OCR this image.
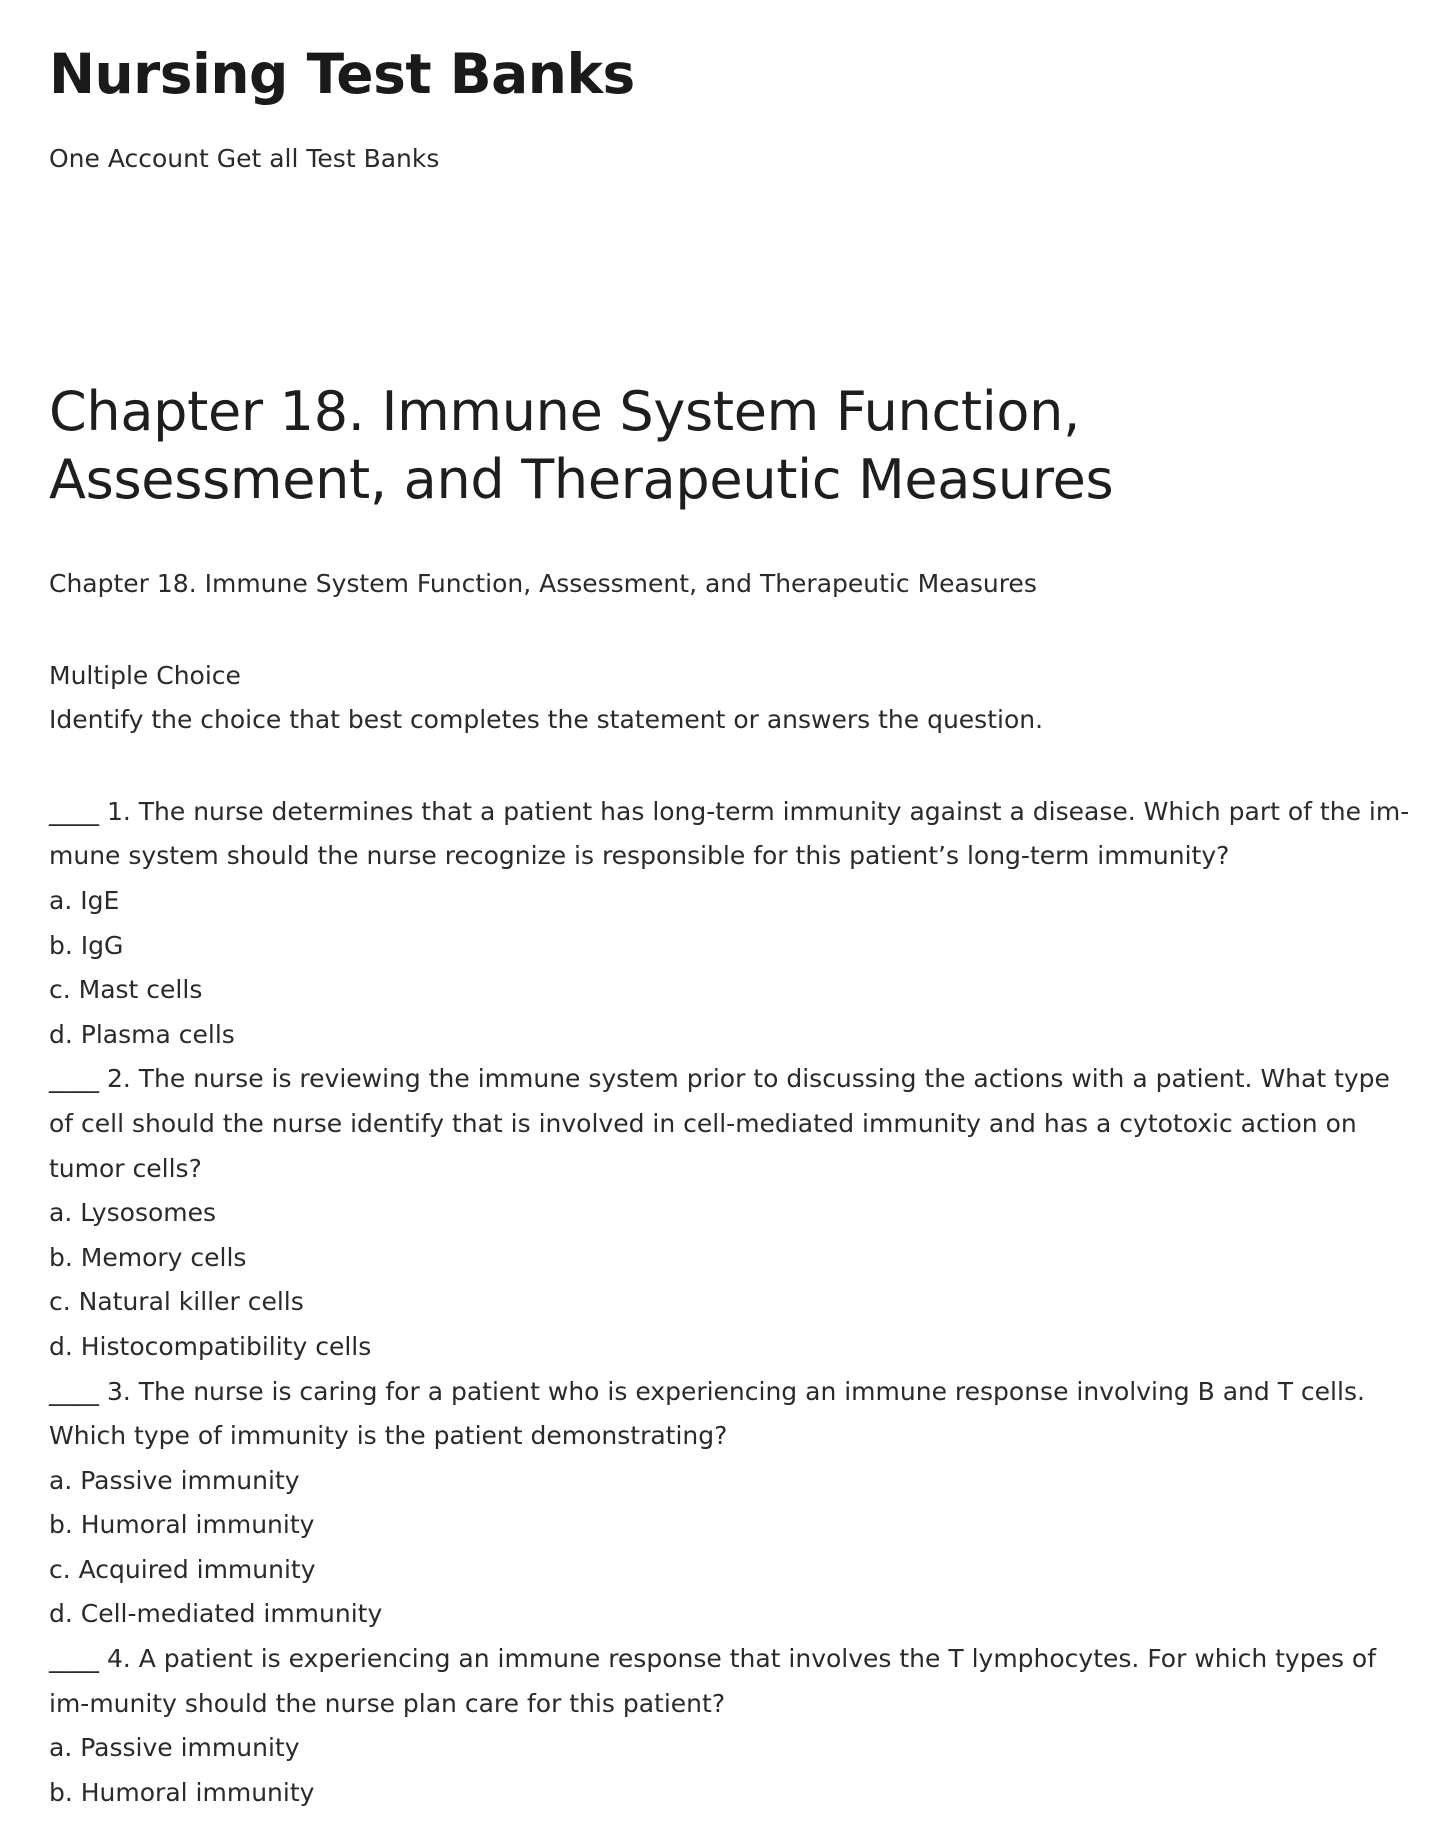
Nursing Test Banks

One Account Get all Test Banks

Chapter 18. Immune System Function, Assessment, and Therapeutic Measures

Chapter 18. Immune System Function, Assessment, and Therapeutic Measures

Multiple Choice

Identify the choice that best completes the statement or answers the question.

____ 1. The nurse determines that a patient has long-term immunity against a disease. Which part of the im-mune system should the nurse recognize is responsible for this patient’s long-term immunity?

a. IgE

b. IgG

c. Mast cells

d. Plasma cells

____ 2. The nurse is reviewing the immune system prior to discussing the actions with a patient. What type of cell should the nurse identify that is involved in cell-mediated immunity and has a cytotoxic action on tumor cells?

a. Lysosomes

b. Memory cells

c. Natural killer cells

d. Histocompatibility cells

____ 3. The nurse is caring for a patient who is experiencing an immune response involving B and T cells. Which type of immunity is the patient demonstrating?

a. Passive immunity

b. Humoral immunity

c. Acquired immunity

d. Cell-mediated immunity

____ 4. A patient is experiencing an immune response that involves the T lymphocytes. For which types of im-munity should the nurse plan care for this patient?

a. Passive immunity

b. Humoral immunity
